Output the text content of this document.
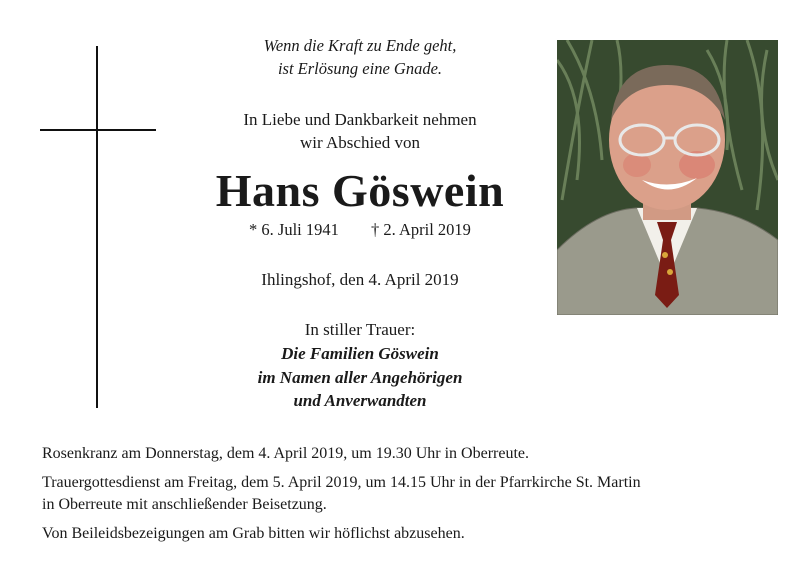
Wenn die Kraft zu Ende geht,
ist Erlösung eine Gnade.
In Liebe und Dankbarkeit nehmen
wir Abschied von
Hans Göswein
* 6. Juli 1941 † 2. April 2019
Ihlingshof, den 4. April 2019
In stiller Trauer:
Die Familien Göswein
im Namen aller Angehörigen
und Anverwandten
Rosenkranz am Donnerstag, dem 4. April 2019, um 19.30 Uhr in Oberreute.
Trauergottesdienst am Freitag, dem 5. April 2019, um 14.15 Uhr in der Pfarrkirche St. Martin
in Oberreute mit anschließender Beisetzung.
Von Beileidsbezeigungen am Grab bitten wir höflichst abzusehen.
